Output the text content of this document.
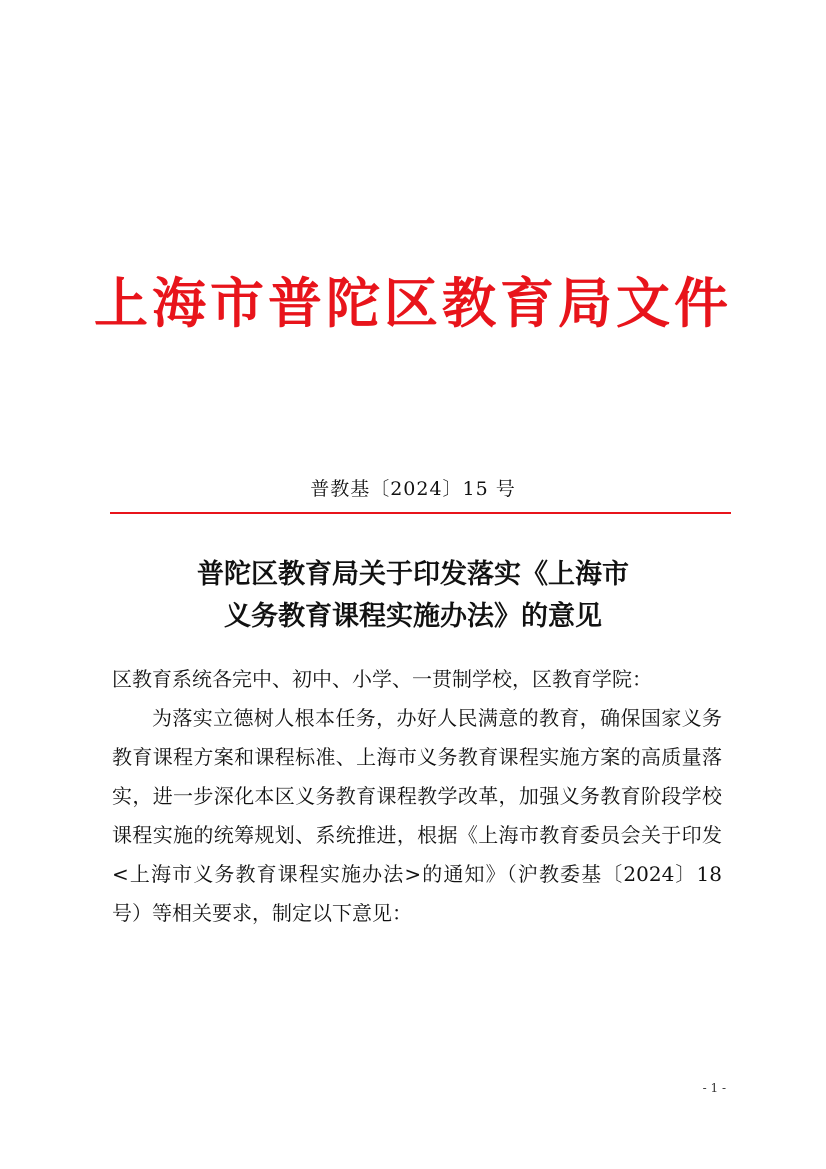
上海市普陀区教育局文件
普教基〔2024〕15 号
普陀区教育局关于印发落实《上海市
义务教育课程实施办法》的意见

区教育系统各完中、初中、小学、一贯制学校，区教育学院：

为落实立德树人根本任务，办好人民满意的教育，确保国家义务教育课程方案和课程标准、上海市义务教育课程实施方案的高质量落实，进一步深化本区义务教育课程教学改革，加强义务教育阶段学校课程实施的统筹规划、系统推进，根据《上海市教育委员会关于印发<上海市义务教育课程实施办法>的通知》（沪教委基〔2024〕18 号）等相关要求，制定以下意见：

- 1 -
